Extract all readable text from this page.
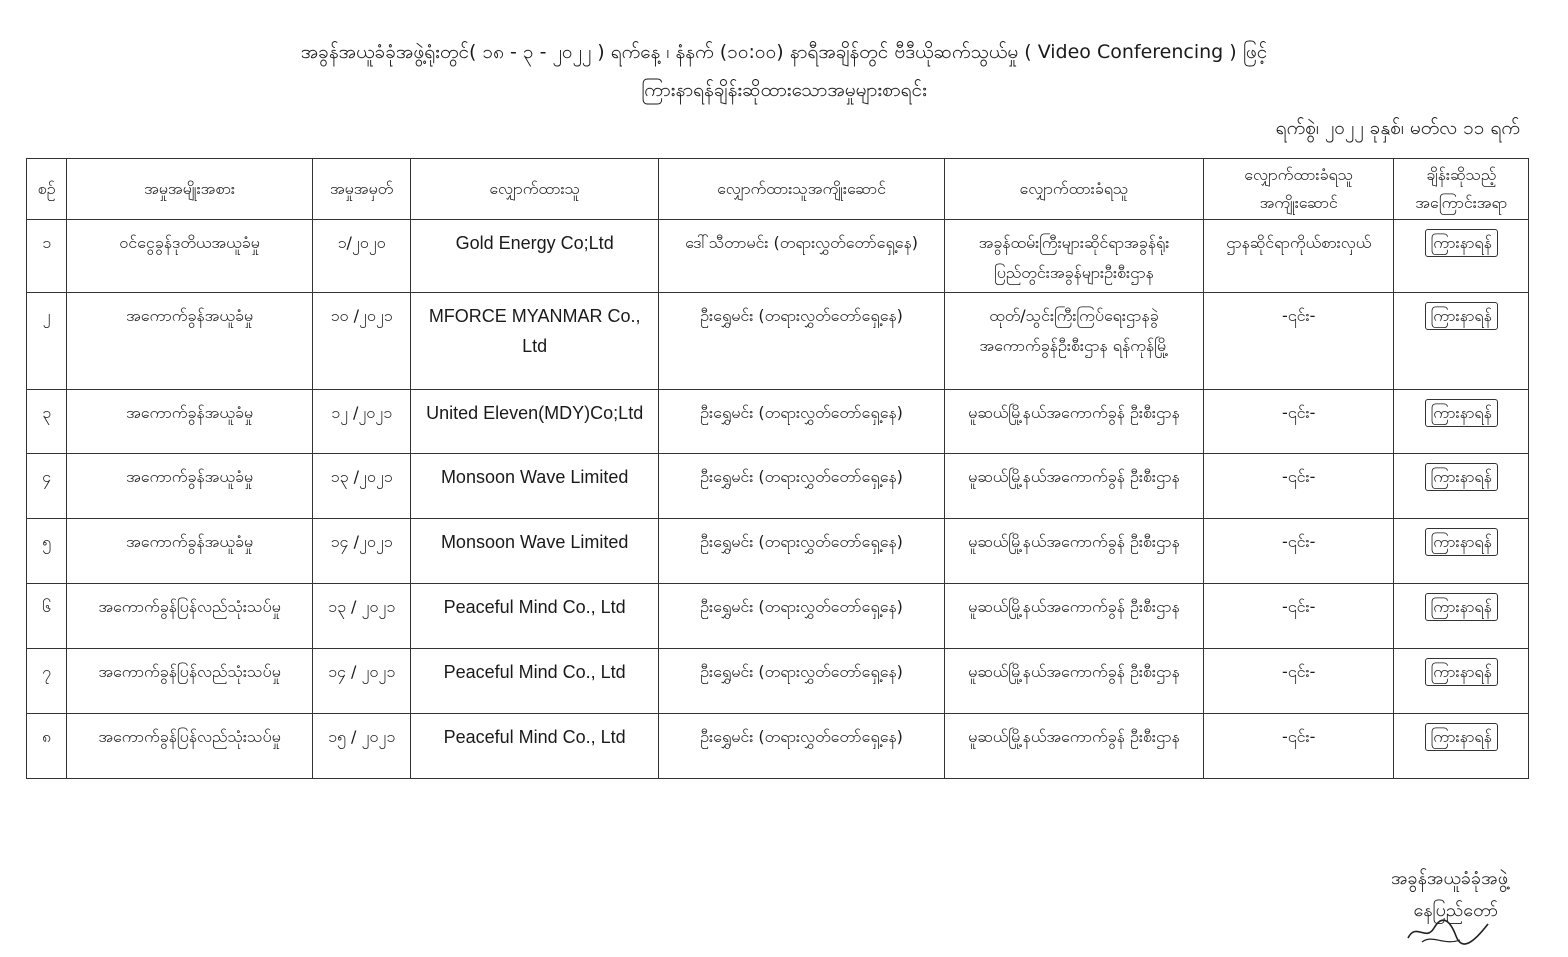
အခွန်အယူခံခုံအဖွဲ့ရုံးတွင်( ၁၈ - ၃ - ၂၀၂၂ ) ရက်နေ့ ၊ နံနက် (၁၀:၀၀) နာရီအချိန်တွင် ဗီဒီယိုဆက်သွယ်မှု ( Video Conferencing ) ဖြင့်
ကြားနာရန်ချိန်းဆိုထားသောအမှုများစာရင်း
ရက်စွဲ၊ ၂၀၂၂ ခုနှစ်၊ မတ်လ ၁၁ ရက်
စဉ်	အမှုအမျိုးအစား	အမှုအမှတ်	လျှောက်ထားသူ	လျှောက်ထားသူအကျိုးဆောင်	လျှောက်ထားခံရသူ	လျှောက်ထားခံရသူ အကျိုးဆောင်	ချိန်းဆိုသည့် အကြောင်းအရာ
၁	ဝင်ငွေခွန်ဒုတိယအယူခံမှု	၁/၂၀၂၀	Gold Energy Co;Ltd	ဒေါ်သီတာမင်း (တရားလွှတ်တော်ရှေ့နေ)	အခွန်ထမ်းကြီးများဆိုင်ရာအခွန်ရုံး ပြည်တွင်းအခွန်များဦးစီးဌာန	ဌာနဆိုင်ရာကိုယ်စားလှယ်	ကြားနာရန်
၂	အကောက်ခွန်အယူခံမှု	၁၀ /၂၀၂၁	MFORCE MYANMAR Co., Ltd	ဦးရွှေမင်း (တရားလွှတ်တော်ရှေ့နေ)	ထုတ်/သွင်းကြီးကြပ်ရေးဌာနခွဲ အကောက်ခွန်ဦးစီးဌာန ရန်ကုန်မြို့	-၎င်း-	ကြားနာရန်
၃	အကောက်ခွန်အယူခံမှု	၁၂ /၂၀၂၁	United Eleven(MDY)Co;Ltd	ဦးရွှေမင်း (တရားလွှတ်တော်ရှေ့နေ)	မူဆယ်မြို့နယ်အကောက်ခွန် ဦးစီးဌာန	-၎င်း-	ကြားနာရန်
၄	အကောက်ခွန်အယူခံမှု	၁၃ /၂၀၂၁	Monsoon Wave Limited	ဦးရွှေမင်း (တရားလွှတ်တော်ရှေ့နေ)	မူဆယ်မြို့နယ်အကောက်ခွန် ဦးစီးဌာန	-၎င်း-	ကြားနာရန်
၅	အကောက်ခွန်အယူခံမှု	၁၄ /၂၀၂၁	Monsoon Wave Limited	ဦးရွှေမင်း (တရားလွှတ်တော်ရှေ့နေ)	မူဆယ်မြို့နယ်အကောက်ခွန် ဦးစီးဌာန	-၎င်း-	ကြားနာရန်
၆	အကောက်ခွန်ပြန်လည်သုံးသပ်မှု	၁၃ / ၂၀၂၁	Peaceful Mind Co., Ltd	ဦးရွှေမင်း (တရားလွှတ်တော်ရှေ့နေ)	မူဆယ်မြို့နယ်အကောက်ခွန် ဦးစီးဌာန	-၎င်း-	ကြားနာရန်
၇	အကောက်ခွန်ပြန်လည်သုံးသပ်မှု	၁၄ / ၂၀၂၁	Peaceful Mind Co., Ltd	ဦးရွှေမင်း (တရားလွှတ်တော်ရှေ့နေ)	မူဆယ်မြို့နယ်အကောက်ခွန် ဦးစီးဌာန	-၎င်း-	ကြားနာရန်
၈	အကောက်ခွန်ပြန်လည်သုံးသပ်မှု	၁၅ / ၂၀၂၁	Peaceful Mind Co., Ltd	ဦးရွှေမင်း (တရားလွှတ်တော်ရှေ့နေ)	မူဆယ်မြို့နယ်အကောက်ခွန် ဦးစီးဌာန	-၎င်း-	ကြားနာရန်
အခွန်အယူခံခုံအဖွဲ့
နေပြည်တော်
